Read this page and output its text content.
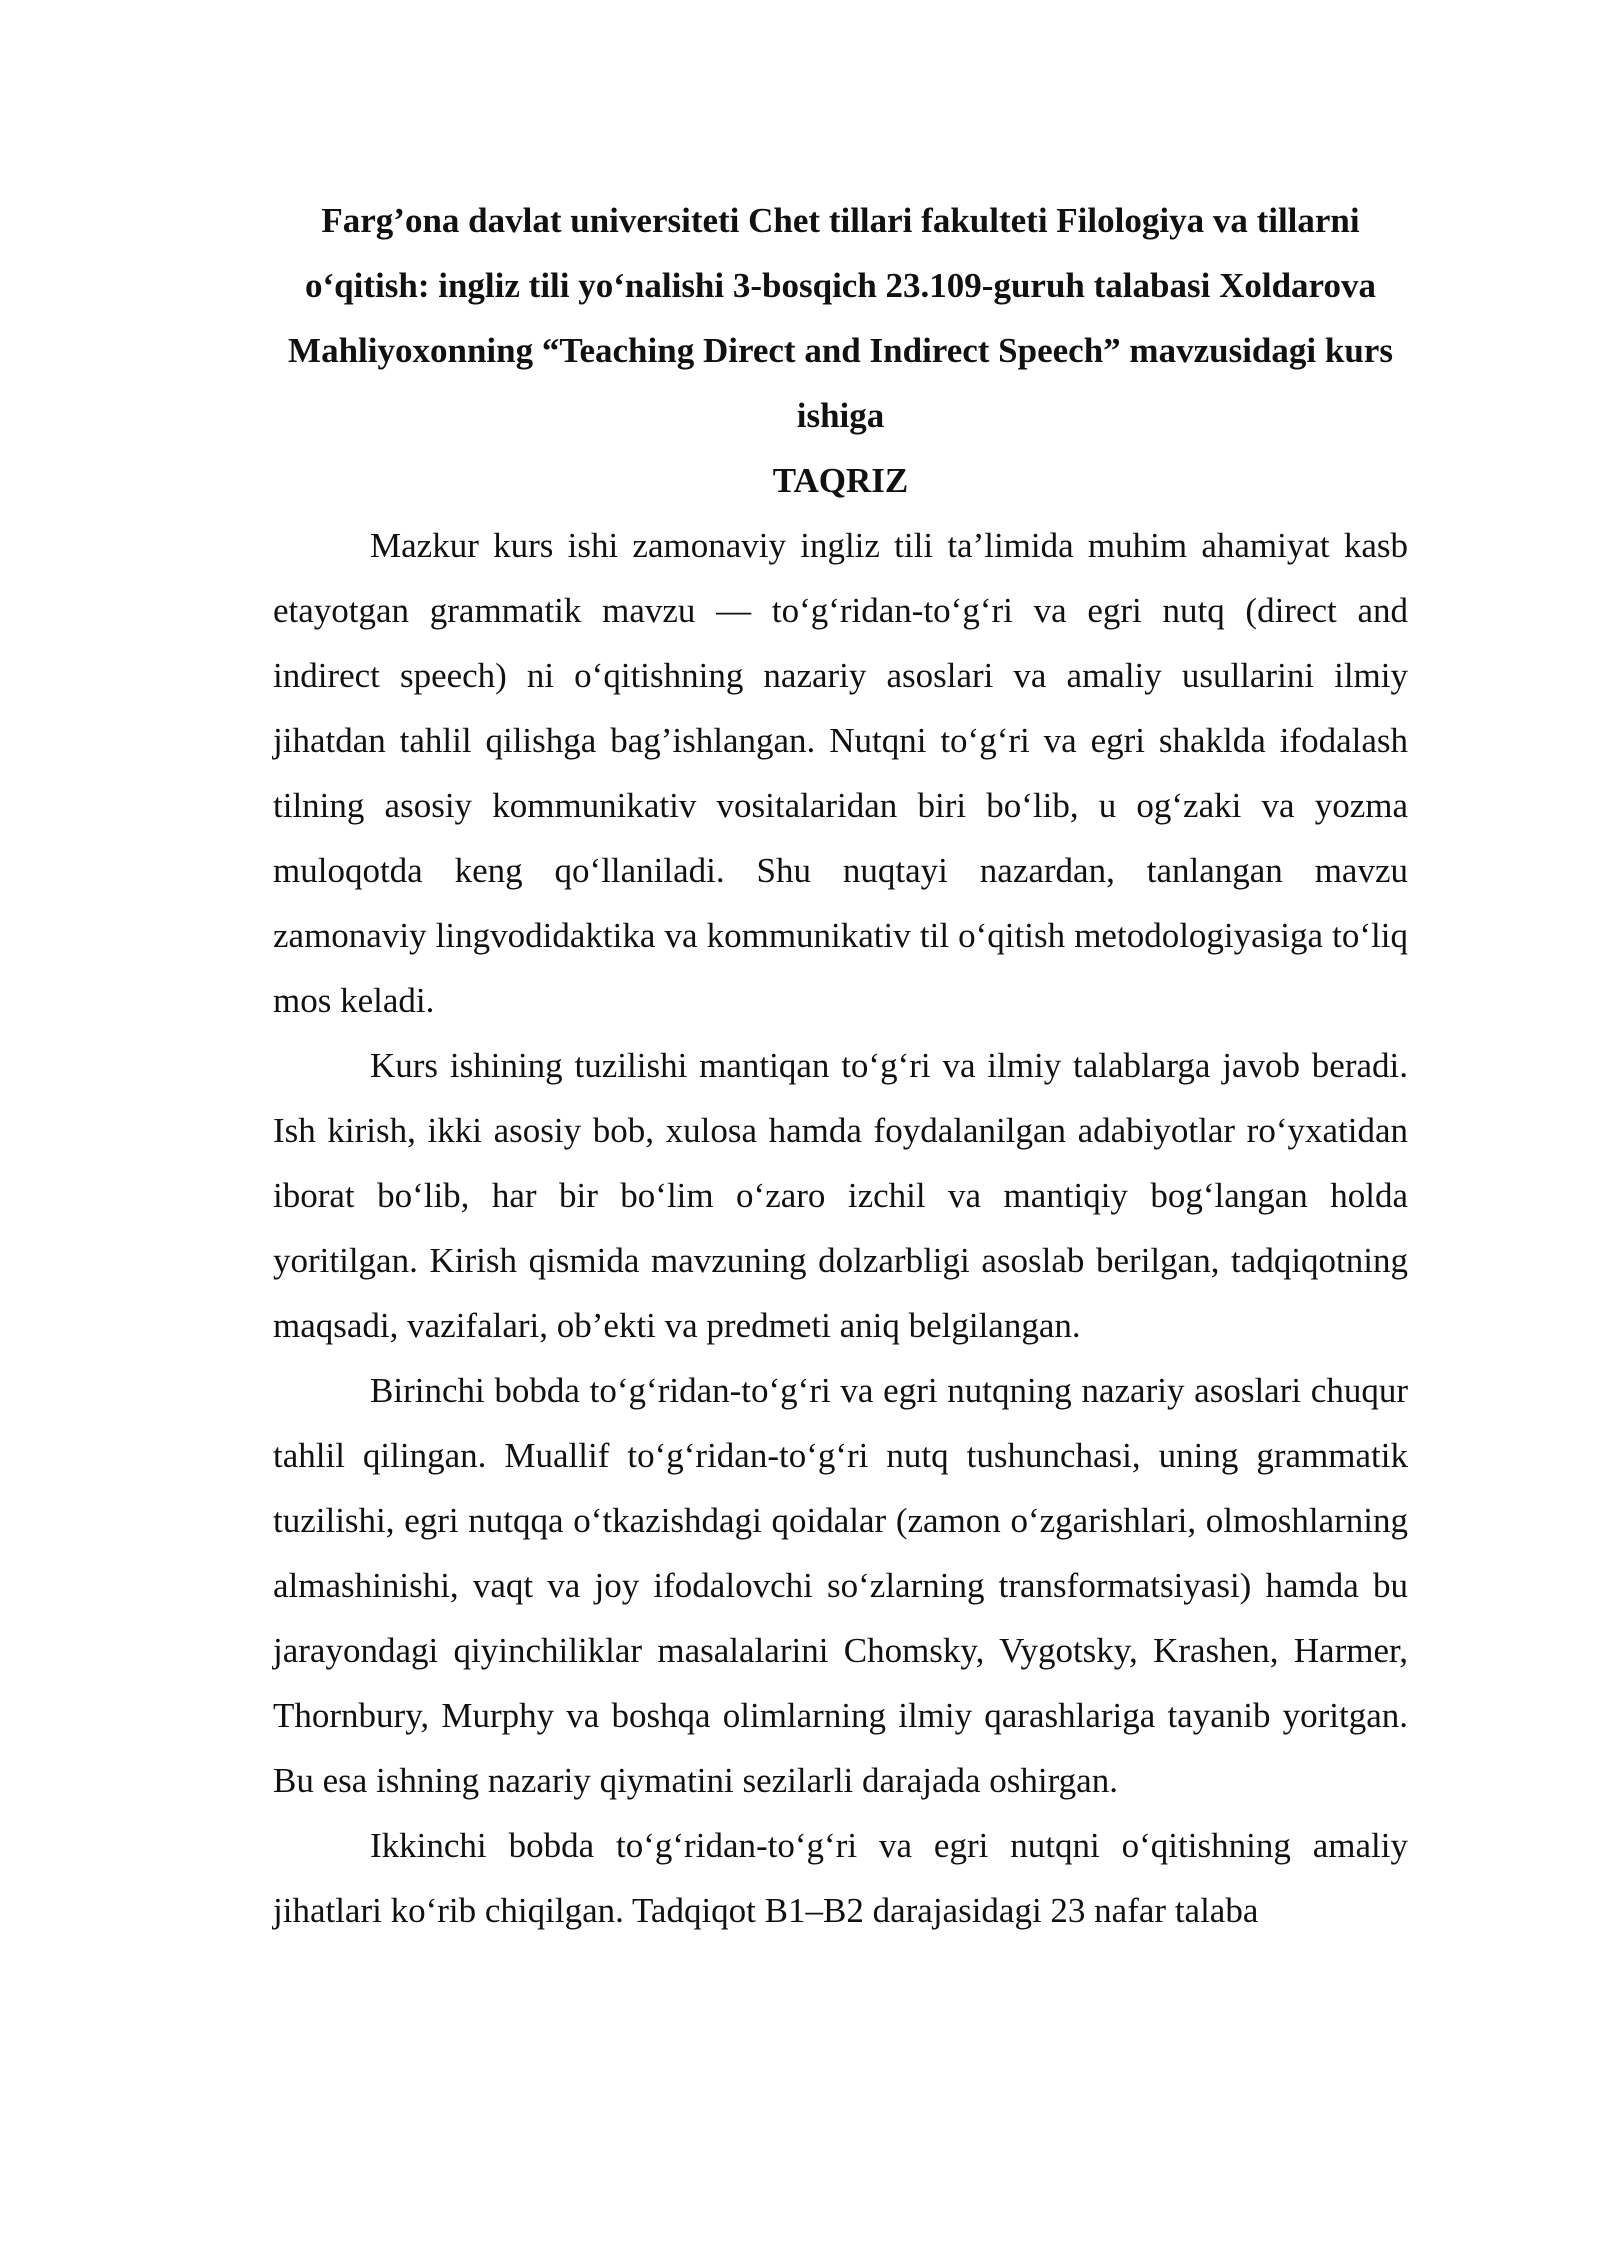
Farg’ona davlat universiteti Chet tillari fakulteti Filologiya va tillarni o‘qitish: ingliz tili yo‘nalishi 3-bosqich 23.109-guruh talabasi Xoldarova Mahliyoxonning “Teaching Direct and Indirect Speech” mavzusidagi kurs ishiga

TAQRIZ

Mazkur kurs ishi zamonaviy ingliz tili ta’limida muhim ahamiyat kasb etayotgan grammatik mavzu — to‘g‘ridan-to‘g‘ri va egri nutq (direct and indirect speech) ni o‘qitishning nazariy asoslari va amaliy usullarini ilmiy jihatdan tahlil qilishga bag’ishlangan. Nutqni to‘g‘ri va egri shaklda ifodalash tilning asosiy kommunikativ vositalaridan biri bo‘lib, u og‘zaki va yozma muloqotda keng qo‘llaniladi. Shu nuqtayi nazardan, tanlangan mavzu zamonaviy lingvodidaktika va kommunikativ til o‘qitish metodologiyasiga to‘liq mos keladi.

Kurs ishining tuzilishi mantiqan to‘g‘ri va ilmiy talablarga javob beradi. Ish kirish, ikki asosiy bob, xulosa hamda foydalanilgan adabiyotlar ro‘yxatidan iborat bo‘lib, har bir bo‘lim o‘zaro izchil va mantiqiy bog‘langan holda yoritilgan. Kirish qismida mavzuning dolzarbligi asoslab berilgan, tadqiqotning maqsadi, vazifalari, ob’ekti va predmeti aniq belgilangan.

Birinchi bobda to‘g‘ridan-to‘g‘ri va egri nutqning nazariy asoslari chuqur tahlil qilingan. Muallif to‘g‘ridan-to‘g‘ri nutq tushunchasi, uning grammatik tuzilishi, egri nutqqa o‘tkazishdagi qoidalar (zamon o‘zgarishlari, olmoshlarning almashinishi, vaqt va joy ifodalovchi so‘zlarning transformatsiyasi) hamda bu jarayondagi qiyinchiliklar masalalarini Chomsky, Vygotsky, Krashen, Harmer, Thornbury, Murphy va boshqa olimlarning ilmiy qarashlariga tayanib yoritgan. Bu esa ishning nazariy qiymatini sezilarli darajada oshirgan.

Ikkinchi bobda to‘g‘ridan-to‘g‘ri va egri nutqni o‘qitishning amaliy jihatlari ko‘rib chiqilgan. Tadqiqot B1–B2 darajasidagi 23 nafar talaba
